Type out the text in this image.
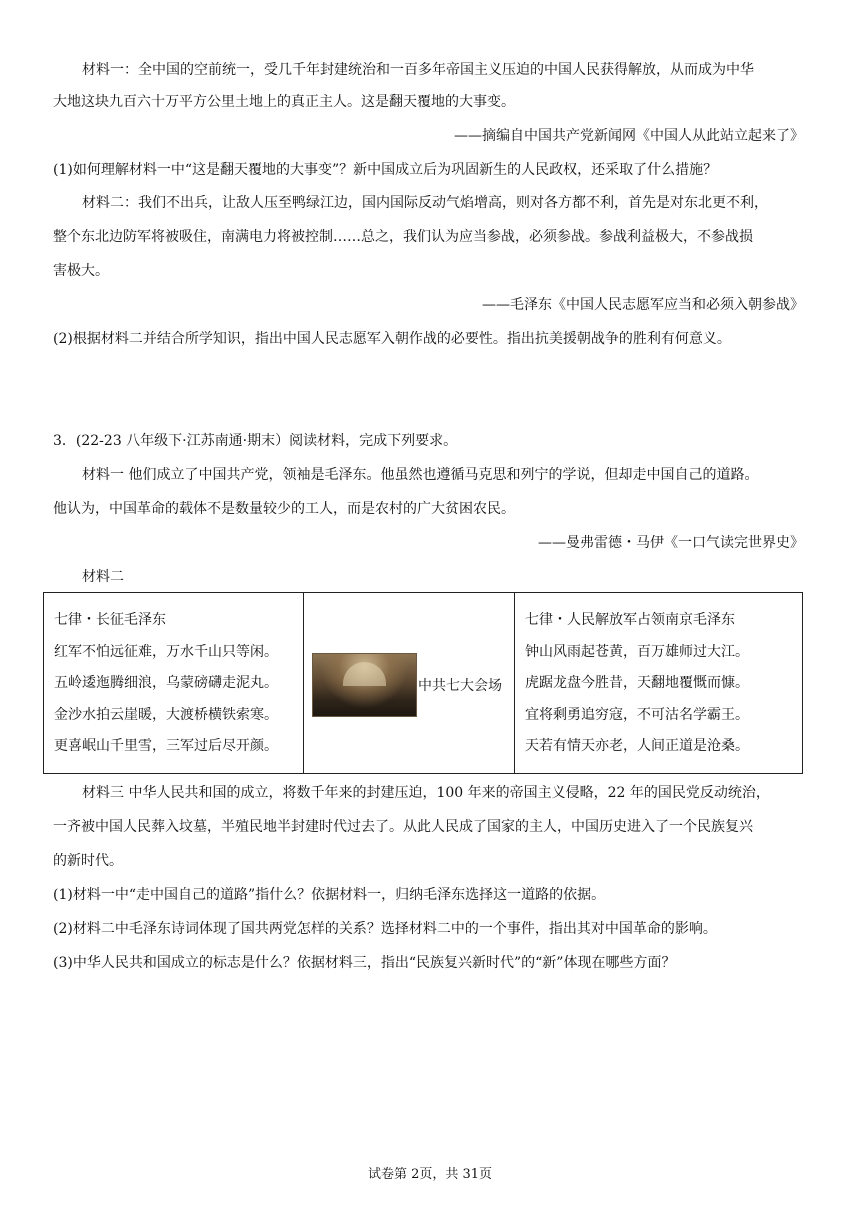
材料一：全中国的空前统一，受几千年封建统治和一百多年帝国主义压迫的中国人民获得解放，从而成为中华
大地这块九百六十万平方公里土地上的真正主人。这是翻天覆地的大事变。
——摘编自中国共产党新闻网《中国人从此站立起来了》
(1)如何理解材料一中“这是翻天覆地的大事变”？新中国成立后为巩固新生的人民政权，还采取了什么措施？
材料二：我们不出兵，让敌人压至鸭绿江边，国内国际反动气焰增高，则对各方都不利，首先是对东北更不利，
整个东北边防军将被吸住，南满电力将被控制……总之，我们认为应当参战，必须参战。参战利益极大，不参战损
害极大。
——毛泽东《中国人民志愿军应当和必须入朝参战》
(2)根据材料二并结合所学知识，指出中国人民志愿军入朝作战的必要性。指出抗美援朝战争的胜利有何意义。
3．(22-23 八年级下·江苏南通·期末）阅读材料，完成下列要求。
材料一 他们成立了中国共产党，领袖是毛泽东。他虽然也遵循马克思和列宁的学说，但却走中国自己的道路。
他认为，中国革命的载体不是数量较少的工人，而是农村的广大贫困农民。
——曼弗雷德・马伊《一口气读完世界史》
材料二
七律・长征毛泽东
红军不怕远征难，万水千山只等闲。
五岭逶迤腾细浪，乌蒙磅礴走泥丸。
金沙水拍云崖暖，大渡桥横铁索寒。
更喜岷山千里雪，三军过后尽开颜。

中共七大会场

七律・人民解放军占领南京毛泽东
钟山风雨起苍黄，百万雄师过大江。
虎踞龙盘今胜昔，天翻地覆慨而慷。
宜将剩勇追穷寇，不可沽名学霸王。
天若有情天亦老，人间正道是沧桑。
材料三 中华人民共和国的成立，将数千年来的封建压迫，100 年来的帝国主义侵略，22 年的国民党反动统治，
一齐被中国人民葬入坟墓，半殖民地半封建时代过去了。从此人民成了国家的主人，中国历史进入了一个民族复兴
的新时代。
(1)材料一中“走中国自己的道路”指什么？依据材料一，归纳毛泽东选择这一道路的依据。
(2)材料二中毛泽东诗词体现了国共两党怎样的关系？选择材料二中的一个事件，指出其对中国革命的影响。
(3)中华人民共和国成立的标志是什么？依据材料三，指出“民族复兴新时代”的“新”体现在哪些方面？
试卷第 2页，共 31页
